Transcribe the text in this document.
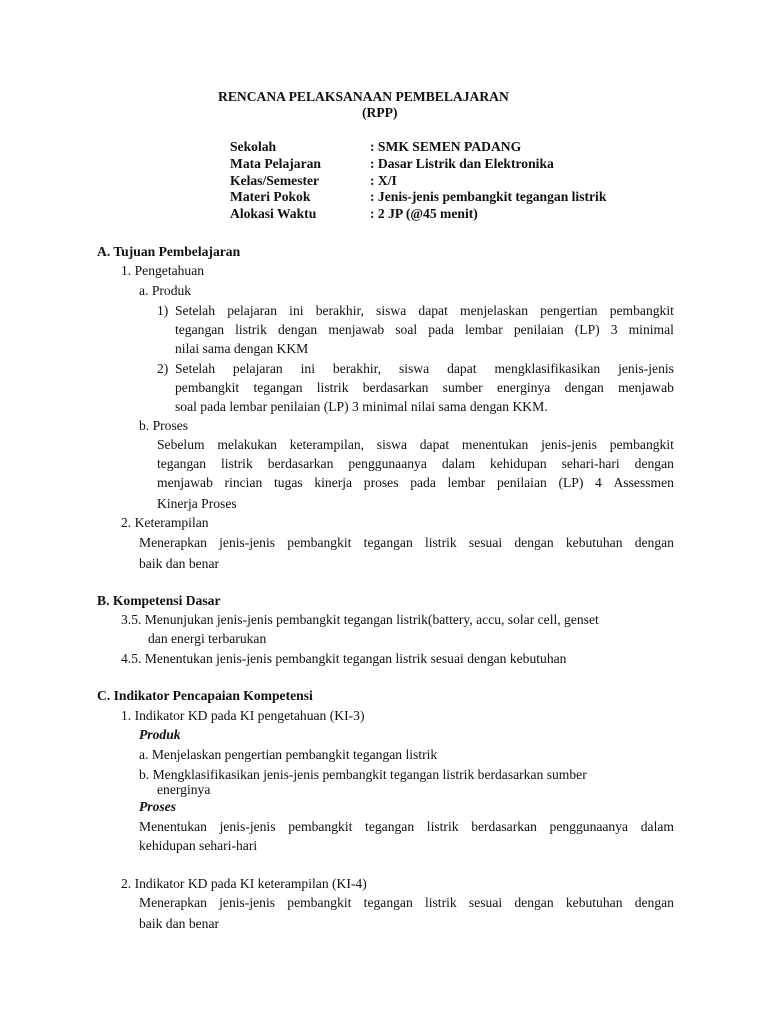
RENCANA PELAKSANAAN PEMBELAJARAN
(RPP)
Sekolah	: SMK SEMEN PADANG
Mata Pelajaran	: Dasar Listrik dan Elektronika
Kelas/Semester	: X/I
Materi Pokok	: Jenis-jenis pembangkit tegangan listrik
Alokasi Waktu	: 2 JP (@45 menit)
A. Tujuan Pembelajaran
1. Pengetahuan
a. Produk
1) Setelah pelajaran ini berakhir, siswa dapat menjelaskan pengertian pembangkit
tegangan listrik dengan menjawab soal pada lembar penilaian (LP) 3 minimal
nilai sama dengan KKM
2) Setelah pelajaran ini berakhir, siswa dapat mengklasifikasikan jenis-jenis
pembangkit tegangan listrik berdasarkan sumber energinya dengan menjawab
soal pada lembar penilaian (LP) 3 minimal nilai sama dengan KKM.
b. Proses
Sebelum melakukan keterampilan, siswa dapat menentukan jenis-jenis pembangkit
tegangan listrik berdasarkan penggunaanya dalam kehidupan sehari-hari dengan
menjawab rincian tugas kinerja proses pada lembar penilaian (LP) 4 Assessmen
Kinerja Proses
2. Keterampilan
Menerapkan jenis-jenis pembangkit tegangan listrik sesuai dengan kebutuhan dengan
baik dan benar
B. Kompetensi Dasar
3.5. Menunjukan jenis-jenis pembangkit tegangan listrik(battery, accu, solar cell, genset
dan energi terbarukan
4.5. Menentukan jenis-jenis pembangkit tegangan listrik sesuai dengan kebutuhan
C. Indikator Pencapaian Kompetensi
1. Indikator KD pada KI pengetahuan (KI-3)
Produk
a. Menjelaskan pengertian pembangkit tegangan listrik
b. Mengklasifikasikan jenis-jenis pembangkit tegangan listrik berdasarkan sumber
energinya
Proses
Menentukan jenis-jenis pembangkit tegangan listrik berdasarkan penggunaanya dalam
kehidupan sehari-hari
2. Indikator KD pada KI keterampilan (KI-4)
Menerapkan jenis-jenis pembangkit tegangan listrik sesuai dengan kebutuhan dengan
baik dan benar
